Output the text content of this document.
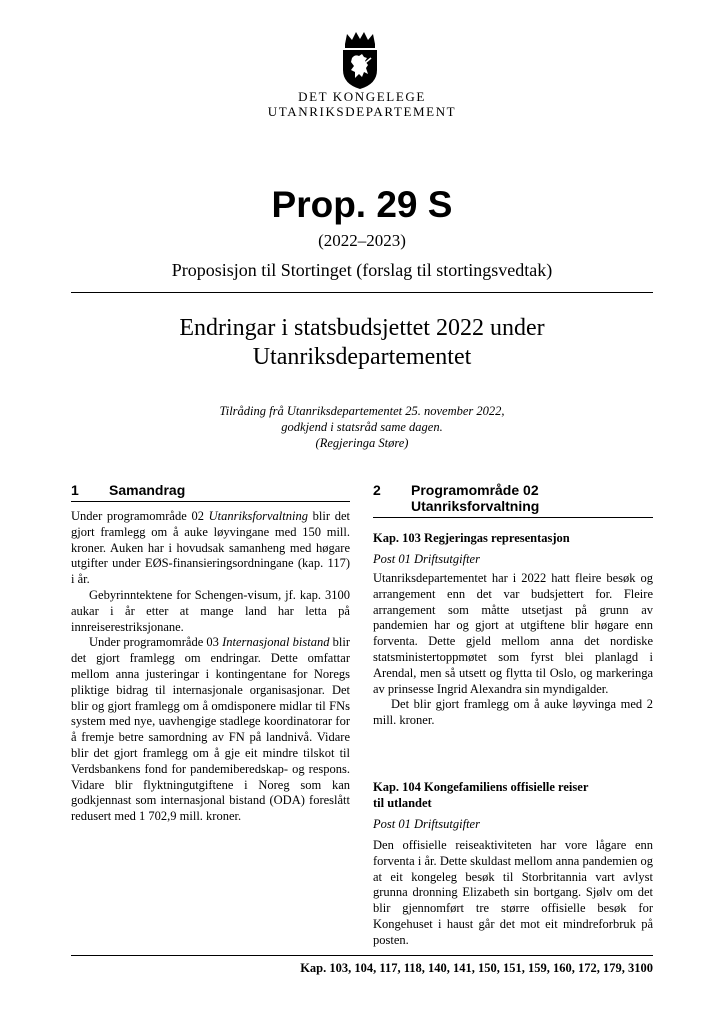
DET KONGELEGE
UTANRIKSDEPARTEMENT
Prop. 29 S
(2022–2023)
Proposisjon til Stortinget (forslag til stortingsvedtak)
Endringar i statsbudsjettet 2022 under
Utanriksdepartementet
Tilråding frå Utanriksdepartementet 25. november 2022,
godkjend i statsråd same dagen.
(Regjeringa Støre)
1 Samandrag

Under programområde 02 Utanriksforvaltning blir det gjort framlegg om å auke løyvingane med 150 mill. kroner. Auken har i hovudsak samanheng med høgare utgifter under EØS-finansieringsordningane (kap. 117) i år.

Gebyrinntektene for Schengen-visum, jf. kap. 3100 aukar i år etter at mange land har letta på innreiserestriksjonane.

Under programområde 03 Internasjonal bistand blir det gjort framlegg om endringar. Dette omfattar mellom anna justeringar i kontingentane for Noregs pliktige bidrag til internasjonale organisasjonar. Det blir og gjort framlegg om å omdisponere midlar til FNs system med nye, uavhengige stadlege koordinatorar for å fremje betre samordning av FN på landnivå. Vidare blir det gjort framlegg om å gje eit mindre tilskot til Verdsbankens fond for pandemiberedskap- og respons. Vidare blir flyktningutgiftene i Noreg som kan godkjennast som internasjonal bistand (ODA) foreslått redusert med 1 702,9 mill. kroner.

2 Programområde 02
Utanriksforvaltning
Kap. 103 Regjeringas representasjon
Post 01 Driftsutgifter

Utanriksdepartementet har i 2022 hatt fleire besøk og arrangement enn det var budsjettert for. Fleire arrangement som måtte utsetjast på grunn av pandemien har og gjort at utgiftene blir høgare enn forventa. Dette gjeld mellom anna det nordiske statsministertoppmøtet som fyrst blei planlagd i Arendal, men så utsett og flytta til Oslo, og markeringa av prinsesse Ingrid Alexandra sin myndigalder.

Det blir gjort framlegg om å auke løyvinga med 2 mill. kroner.

Kap. 104 Kongefamiliens offisielle reiser
til utlandet
Post 01 Driftsutgifter

Den offisielle reiseaktiviteten har vore lågare enn forventa i år. Dette skuldast mellom anna pandemien og at eit kongeleg besøk til Storbritannia vart avlyst grunna dronning Elizabeth sin bortgang. Sjølv om det blir gjennomført tre større offisielle besøk for Kongehuset i haust går det mot eit mindreforbruk på posten.

Kap. 103, 104, 117, 118, 140, 141, 150, 151, 159, 160, 172, 179, 3100
